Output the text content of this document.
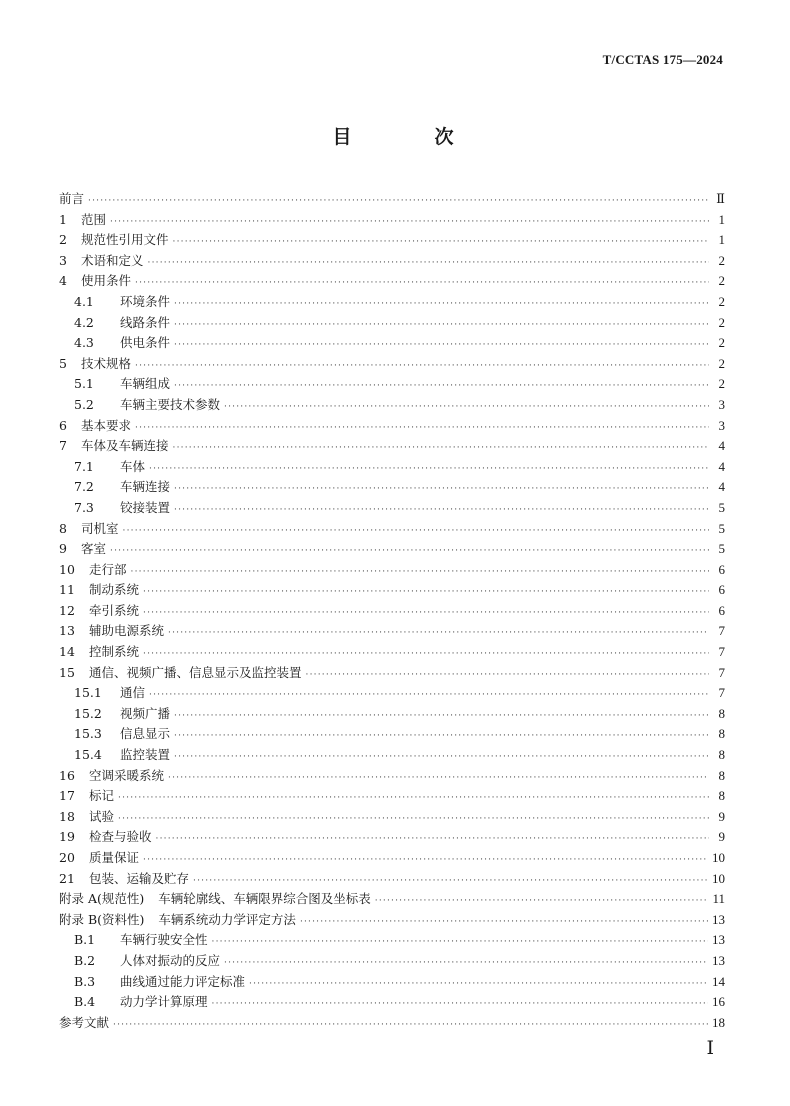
T/CCTAS 175—2024
目　次
前言 ·····	Ⅱ
1	范围 ·····	1
2	规范性引用文件 ·····	1
3	术语和定义 ·····	2
4	使用条件 ·····	2
4.1	环境条件 ·····	2
4.2	线路条件 ·····	2
4.3	供电条件 ·····	2
5	技术规格 ·····	2
5.1	车辆组成 ·····	2
5.2	车辆主要技术参数 ·····	3
6	基本要求 ·····	3
7	车体及车辆连接 ·····	4
7.1	车体 ·····	4
7.2	车辆连接 ·····	4
7.3	铰接装置 ·····	5
8	司机室 ·····	5
9	客室 ·····	5
10	走行部 ·····	6
11	制动系统 ·····	6
12	牵引系统 ·····	6
13	辅助电源系统 ·····	7
14	控制系统 ·····	7
15	通信、视频广播、信息显示及监控装置 ·····	7
15.1	通信 ·····	7
15.2	视频广播 ·····	8
15.3	信息显示 ·····	8
15.4	监控装置 ·····	8
16	空调采暖系统 ·····	8
17	标记 ·····	8
18	试验 ·····	9
19	检查与验收 ·····	9
20	质量保证 ·····	10
21	包装、运输及贮存 ·····	10
附录 A(规范性)	车辆轮廓线、车辆限界综合图及坐标表 ·····	11
附录 B(资料性)	车辆系统动力学评定方法 ·····	13
B.1	车辆行驶安全性 ·····	13
B.2	人体对振动的反应 ·····	13
B.3	曲线通过能力评定标准 ·····	14
B.4	动力学计算原理 ·····	16
参考文献 ·····	18
Ⅰ
